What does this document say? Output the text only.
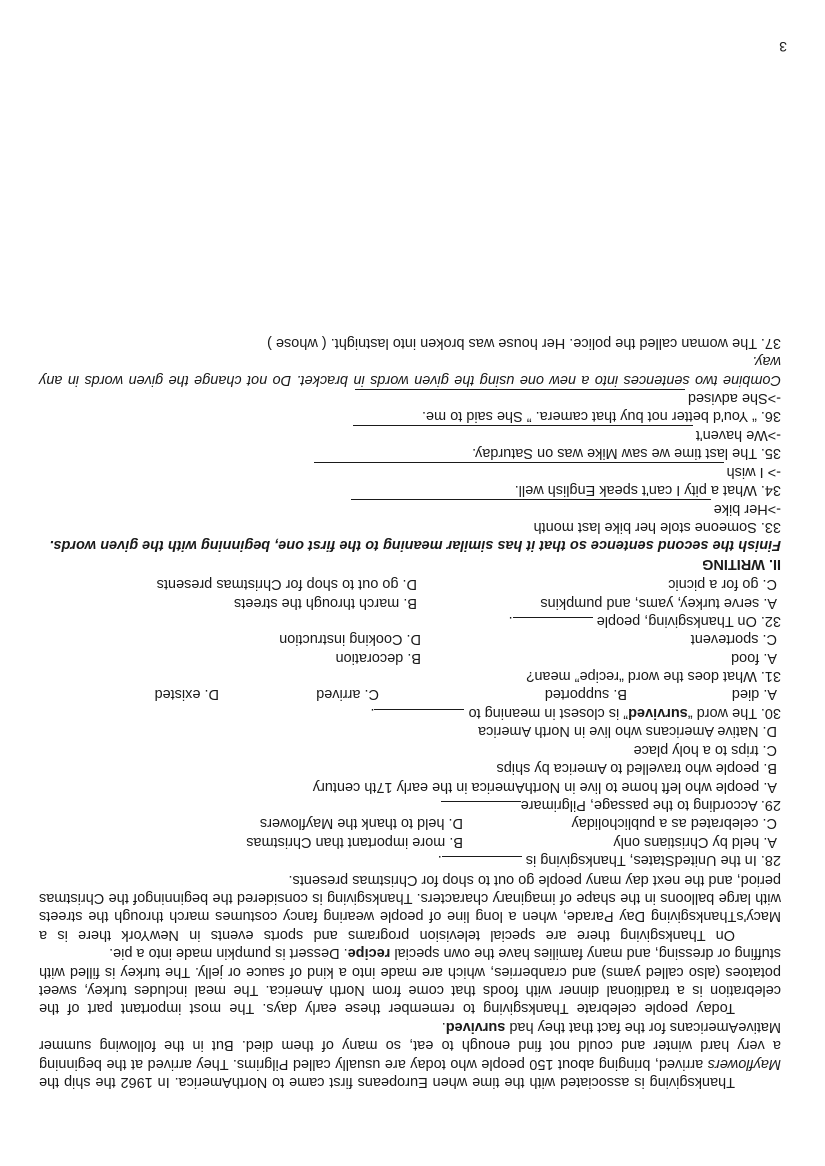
Thanksgiving is associated with the time when Europeans first came to NorthAmerica. In 1962 the ship the Mayflowers arrived, bringing about 150 people who today are usually called Pilgrims. They arrived at the beginning a very hard winter and could not find enough to eat, so many of them died. But in the following summer MativeAmericans for the fact that they had survived.

Today people celebrate Thanksgiving to remember these early days. The most important part of the celebration is a traditional dinner with foods that come from North America. The meal includes turkey, sweet potatoes (also called yams) and cranberries, which are made into a kind of sauce or jelly. The turkey is filled with stuffing or dressing, and many families have the own special recipe. Dessert is pumpkin made into a pie.

On Thanksgiving there are special television programs and sports events in NewYork there is a Macy'sThanksgiving Day Parade, when a long line of people wearing fancy costumes march through the streets with large balloons in the shape of imaginary characters. Thanksgiving is considered the beginningof the Christmas period, and the next day many people go out to shop for Christmas presents.

28. In the UnitedStates, Thanksgiving is .

A. held by Christians only
B. more important than Christmas
C. celebrated as a publicholiday
D. held to thank the Mayflowers

29. According to the passage, Pilgrimare

A. people who left home to live in NorthAmerica in the early 17th century

B. people who travelled to America by ships

C. trips to a holy place

D. Native Americans who live in North America

30. The word “survived” is closest in meaning to .

A. died
B. supported
C. arrived
D. existed

31. What does the word “recipe” mean?

A. food
B. decoration
C. sportevent
D. Cooking instruction

32. On Thanksgiving, people .

A. serve turkey, yams, and pumpkins
B. march through the streets
C. go for a picnic
D. go out to shop for Christmas presents

II. WRITING

Finish the second sentence so that it has similar meaning to the first one, beginning with the given words.

33. Someone stole her bike last month

->Her bike

34. What a pity I can't speak English well.

-> I wish

35. The last time we saw Mike was on Saturday.

->We haven't

36. “ You'd better not buy that camera. ” She said to me.

->She advised

Combine two sentences into a new one using the given words in bracket. Do not change the given words in any way.

37. The woman called the police. Her house was broken into lastnight. ( whose )

3
